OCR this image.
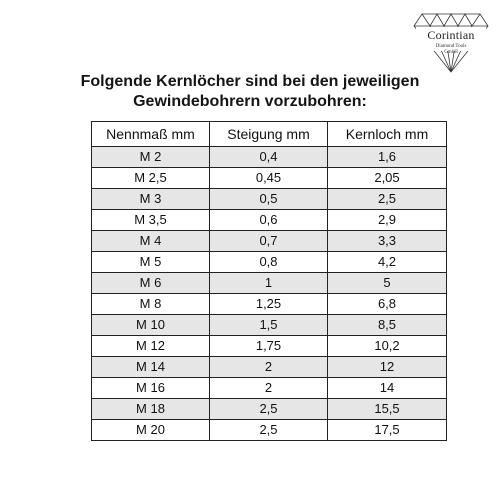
Corintian
Diamond Tools
GmbH
Folgende Kernlöcher sind bei den jeweiligen
Gewindebohrern vorzubohren:
Nennmaß mm	Steigung mm	Kernloch mm
M 2	0,4	1,6
M 2,5	0,45	2,05
M 3	0,5	2,5
M 3,5	0,6	2,9
M 4	0,7	3,3
M 5	0,8	4,2
M 6	1	5
M 8	1,25	6,8
M 10	1,5	8,5
M 12	1,75	10,2
M 14	2	12
M 16	2	14
M 18	2,5	15,5
M 20	2,5	17,5
